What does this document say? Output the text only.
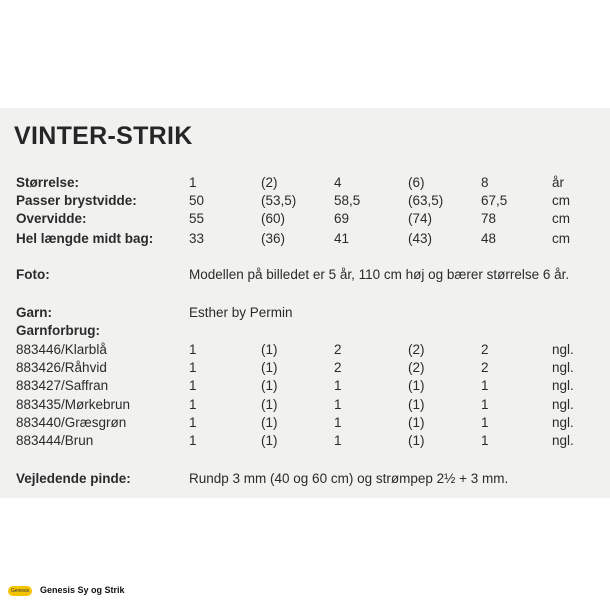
VINTER-STRIK
Størrelse:	1	(2)	4	(6)	8	år
Passer brystvidde:	50	(53,5)	58,5	(63,5)	67,5	cm
Overvidde:	55	(60)	69	(74)	78	cm
Hel længde midt bag:	33	(36)	41	(43)	48	cm
Foto:	Modellen på billedet er 5 år, 110 cm høj og bærer størrelse 6 år.
Garn:	Esther by Permin
Garnforbrug:
883446/Klarblå	1	(1)	2	(2)	2	ngl.
883426/Råhvid	1	(1)	2	(2)	2	ngl.
883427/Saffran	1	(1)	1	(1)	1	ngl.
883435/Mørkebrun	1	(1)	1	(1)	1	ngl.
883440/Græsgrøn	1	(1)	1	(1)	1	ngl.
883444/Brun	1	(1)	1	(1)	1	ngl.
Vejledende pinde:	Rundp 3 mm (40 og 60 cm) og strømpep 2½ + 3 mm.
Genesis	Genesis Sy og Strik
